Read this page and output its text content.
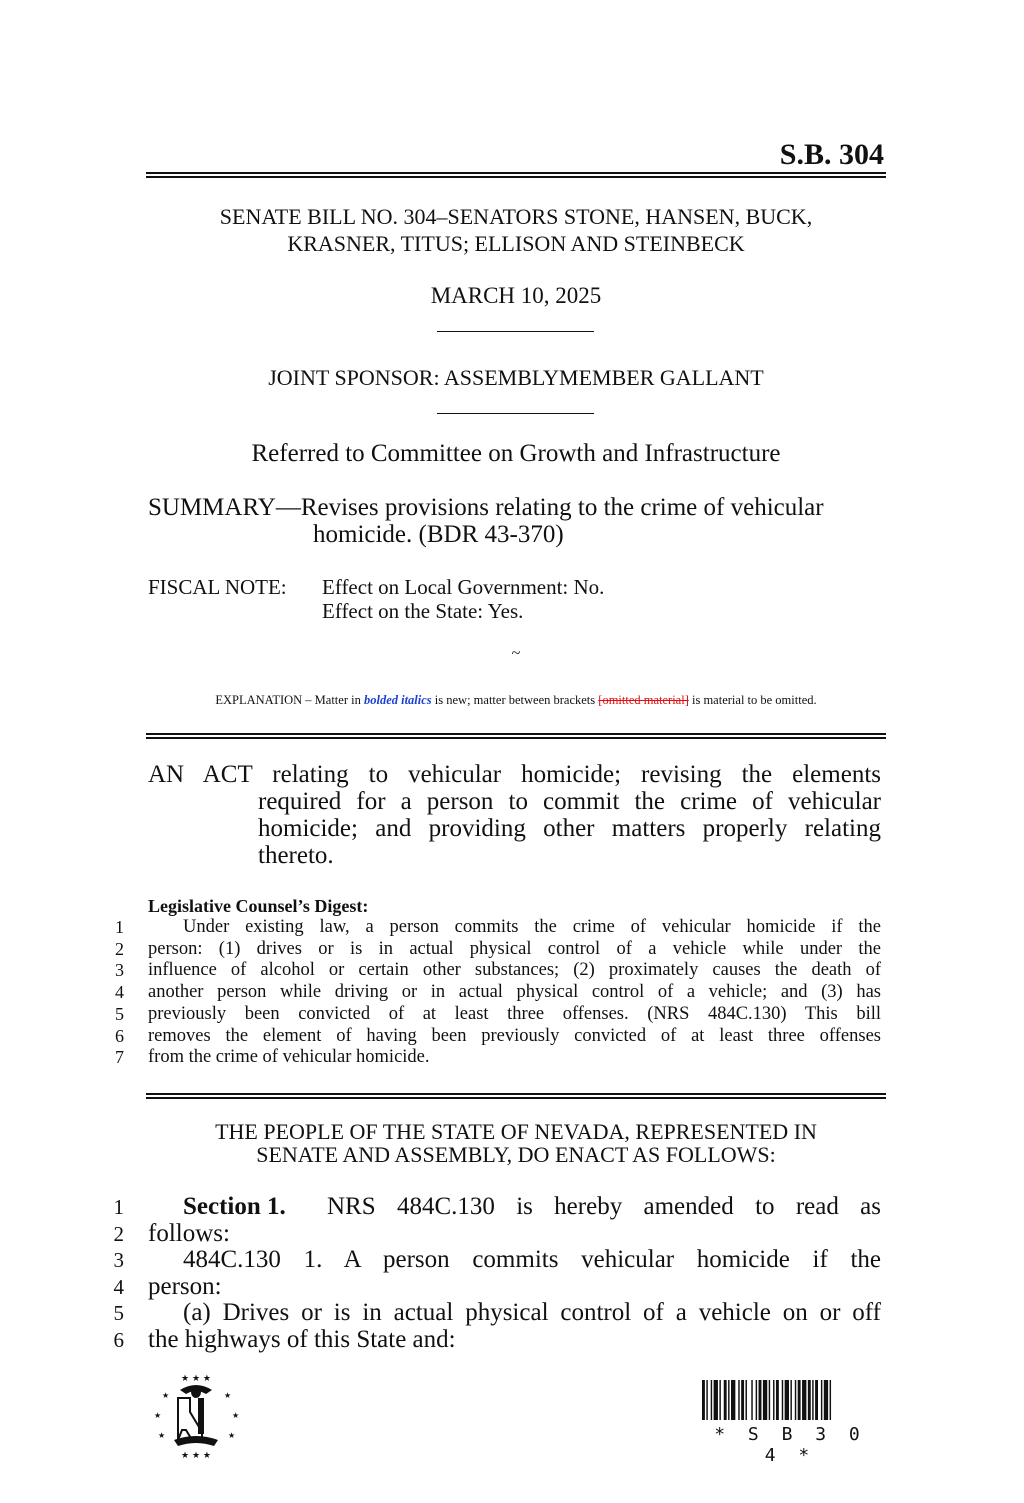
S.B. 304
SENATE BILL NO. 304–SENATORS STONE, HANSEN, BUCK,
KRASNER, TITUS; ELLISON AND STEINBECK
MARCH 10, 2025
JOINT SPONSOR: ASSEMBLYMEMBER GALLANT
Referred to Committee on Growth and Infrastructure
SUMMARY—Revises provisions relating to the crime of vehicular
homicide. (BDR 43-370)
FISCAL NOTE: Effect on Local Government: No.
Effect on the State: Yes.
~
EXPLANATION – Matter in bolded italics is new; matter between brackets [omitted material] is material to be omitted.
AN ACT relating to vehicular homicide; revising the elements
required for a person to commit the crime of vehicular
homicide; and providing other matters properly relating
thereto.
Legislative Counsel’s Digest:
1	Under existing law, a person commits the crime of vehicular homicide if the
2 person: (1) drives or is in actual physical control of a vehicle while under the
3 influence of alcohol or certain other substances; (2) proximately causes the death of
4 another person while driving or in actual physical control of a vehicle; and (3) has
5 previously been convicted of at least three offenses. (NRS 484C.130) This bill
6 removes the element of having been previously convicted of at least three offenses
7 from the crime of vehicular homicide.
THE PEOPLE OF THE STATE OF NEVADA, REPRESENTED IN
SENATE AND ASSEMBLY, DO ENACT AS FOLLOWS:
1 Section 1.	NRS 484C.130 is hereby amended to read as
2 follows:
3 484C.130 1. A person commits vehicular homicide if the
4 person:
5 (a) Drives or is in actual physical control of a vehicle on or off
6 the highways of this State and:
★ ★ ★
★	★
★	★
★	★
★ ★ ★
* S B 3 0 4 *
